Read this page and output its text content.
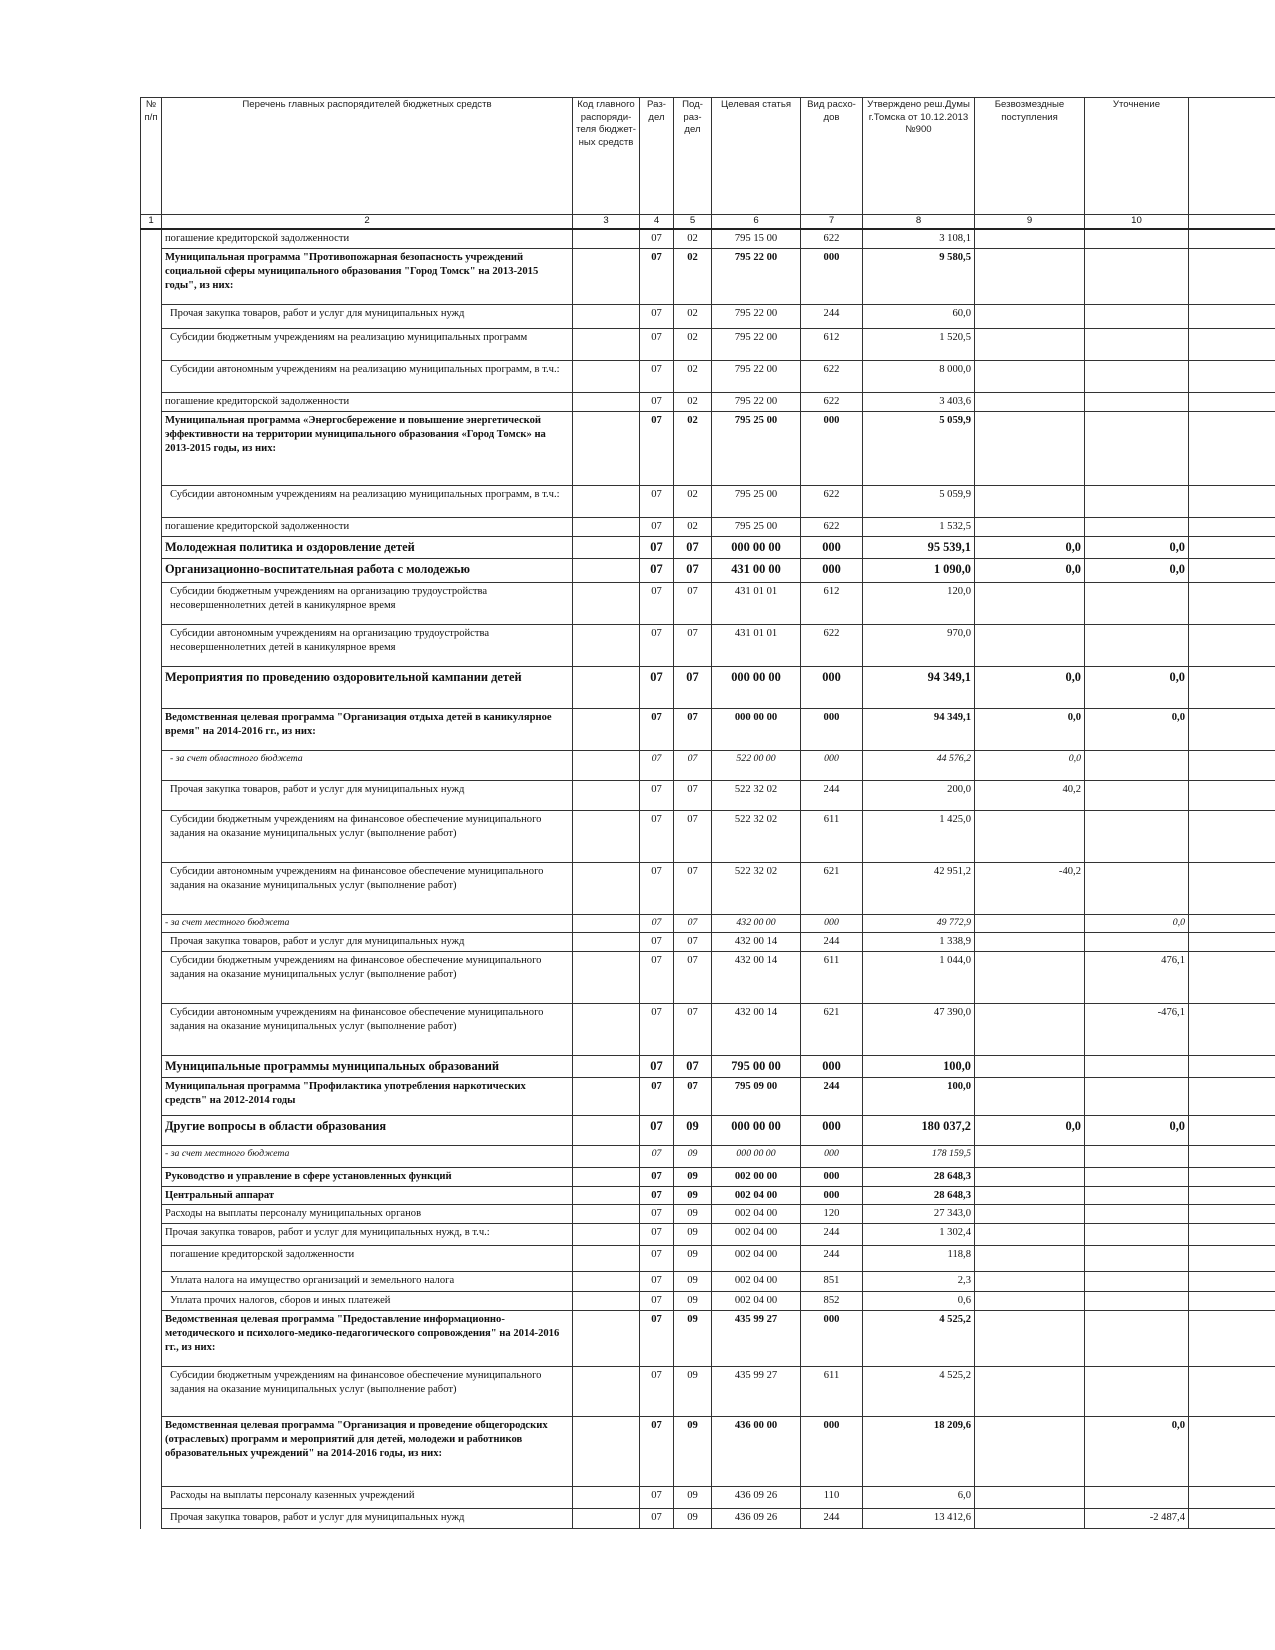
№ п/п	Перечень главных распорядителей бюджетных средств	Код главного распоряди-теля бюджет-ных средств	Раз-дел	Под-раз-дел	Целевая статья	Вид расхо-дов	Утверждено реш.Думы г.Томска от 10.12.2013 №900	Безвозмездные поступления	Уточнение	
1	2	3	4	5	6	7	8	9	10	
	погашение кредиторской задолженности		07	02	795 15 00	622	3 108,1			
	Муниципальная программа "Противопожарная безопасность учреждений социальной сферы муниципального образования "Город Томск" на 2013-2015 годы", из них:		07	02	795 22 00	000	9 580,5			
	Прочая закупка товаров, работ и услуг для муниципальных нужд		07	02	795 22 00	244	60,0			
	Субсидии бюджетным учреждениям на реализацию муниципальных программ		07	02	795 22 00	612	1 520,5			
	Субсидии автономным учреждениям на реализацию муниципальных программ, в т.ч.:		07	02	795 22 00	622	8 000,0			
	погашение кредиторской задолженности		07	02	795 22 00	622	3 403,6			
	Муниципальная программа «Энергосбережение и повышение энергетической эффективности на территории муниципального образования «Город Томск» на 2013-2015 годы, из них:		07	02	795 25 00	000	5 059,9			
	Субсидии автономным учреждениям на реализацию муниципальных программ, в т.ч.:		07	02	795 25 00	622	5 059,9			
	погашение кредиторской задолженности		07	02	795 25 00	622	1 532,5			
	Молодежная политика и оздоровление детей		07	07	000 00 00	000	95 539,1	0,0	0,0	
	Организационно-воспитательная работа с молодежью		07	07	431 00 00	000	1 090,0	0,0	0,0	
	Субсидии бюджетным учреждениям на организацию трудоустройства несовершеннолетних детей в каникулярное время		07	07	431 01 01	612	120,0			
	Субсидии автономным учреждениям на организацию трудоустройства несовершеннолетних детей в каникулярное время		07	07	431 01 01	622	970,0			
	Мероприятия по проведению оздоровительной кампании детей		07	07	000 00 00	000	94 349,1	0,0	0,0	
	Ведомственная целевая программа "Организация отдыха детей в каникулярное время" на 2014-2016 гг., из них:		07	07	000 00 00	000	94 349,1	0,0	0,0	
	- за счет областного бюджета		07	07	522 00 00	000	44 576,2	0,0		
	Прочая закупка товаров, работ и услуг для муниципальных нужд		07	07	522 32 02	244	200,0	40,2		
	Субсидии бюджетным учреждениям на финансовое обеспечение муниципального задания на оказание муниципальных услуг (выполнение работ)		07	07	522 32 02	611	1 425,0			
	Субсидии автономным учреждениям на финансовое обеспечение муниципального задания на оказание муниципальных услуг (выполнение работ)		07	07	522 32 02	621	42 951,2	-40,2		
	- за счет местного бюджета		07	07	432 00 00	000	49 772,9		0,0	
	Прочая закупка товаров, работ и услуг для муниципальных нужд		07	07	432 00 14	244	1 338,9			
	Субсидии бюджетным учреждениям на финансовое обеспечение муниципального задания на оказание муниципальных услуг (выполнение работ)		07	07	432 00 14	611	1 044,0		476,1	
	Субсидии автономным учреждениям на финансовое обеспечение муниципального задания на оказание муниципальных услуг (выполнение работ)		07	07	432 00 14	621	47 390,0		-476,1	
	Муниципальные программы муниципальных образований		07	07	795 00 00	000	100,0			
	Муниципальная программа "Профилактика употребления наркотических средств" на 2012-2014 годы		07	07	795 09 00	244	100,0			
	Другие вопросы в области образования		07	09	000 00 00	000	180 037,2	0,0	0,0	
	- за счет местного бюджета		07	09	000 00 00	000	178 159,5			
	Руководство и управление в сфере установленных функций		07	09	002 00 00	000	28 648,3			
	Центральный аппарат		07	09	002 04 00	000	28 648,3			
	Расходы на выплаты персоналу муниципальных органов		07	09	002 04 00	120	27 343,0			
	Прочая закупка товаров, работ и услуг для муниципальных нужд, в т.ч.:		07	09	002 04 00	244	1 302,4			
	погашение кредиторской задолженности		07	09	002 04 00	244	118,8			
	Уплата налога на имущество организаций и земельного налога		07	09	002 04 00	851	2,3			
	Уплата прочих налогов, сборов и иных платежей		07	09	002 04 00	852	0,6			
	Ведомственная целевая программа "Предоставление информационно-методического и психолого-медико-педагогического сопровождения" на 2014-2016 гг., из них:		07	09	435 99 27	000	4 525,2			
	Субсидии бюджетным учреждениям на финансовое обеспечение муниципального задания на оказание муниципальных услуг (выполнение работ)		07	09	435 99 27	611	4 525,2			
	Ведомственная целевая программа "Организация и проведение общегородских (отраслевых) программ и мероприятий для детей, молодежи и работников образовательных учреждений" на 2014-2016 годы, из них:		07	09	436 00 00	000	18 209,6		0,0	
	Расходы на выплаты персоналу казенных учреждений		07	09	436 09 26	110	6,0			
	Прочая закупка товаров, работ и услуг для муниципальных нужд		07	09	436 09 26	244	13 412,6		-2 487,4	
